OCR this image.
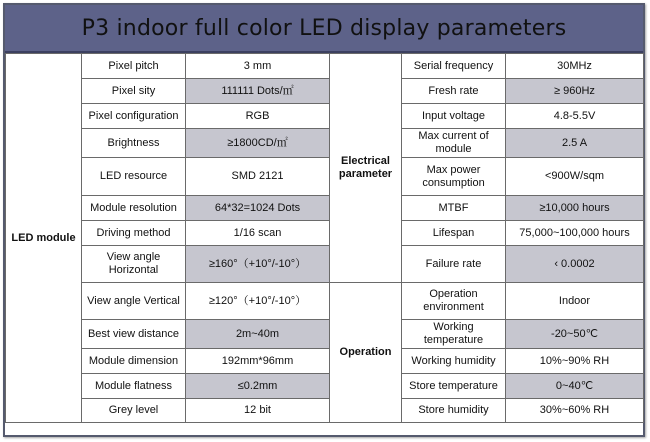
P3 indoor full color LED display parameters
LED module	Pixel pitch	3 mm	Electrical parameter	Serial frequency	30MHz
	Pixel sity	111111 Dots/㎡		Fresh rate	≥ 960Hz
	Pixel configuration	RGB		Input voltage	4.8-5.5V
	Brightness	≥1800CD/㎡		Max current of module	2.5 A
	LED resource	SMD 2121		Max power consumption	<900W/sqm
	Module resolution	64*32=1024 Dots		MTBF	≥10,000 hours
	Driving method	1/16 scan		Lifespan	75,000~100,000 hours
	View angle Horizontal	≥160°（+10°/-10°）		Failure rate	‹ 0.0002
	View angle Vertical	≥120°（+10°/-10°）	Operation	Operation environment	Indoor
	Best view distance	2m~40m		Working temperature	-20~50℃
	Module dimension	192mm*96mm		Working humidity	10%~90% RH
	Module flatness	≤0.2mm		Store temperature	0~40℃
	Grey level	12 bit		Store humidity	30%~60% RH
